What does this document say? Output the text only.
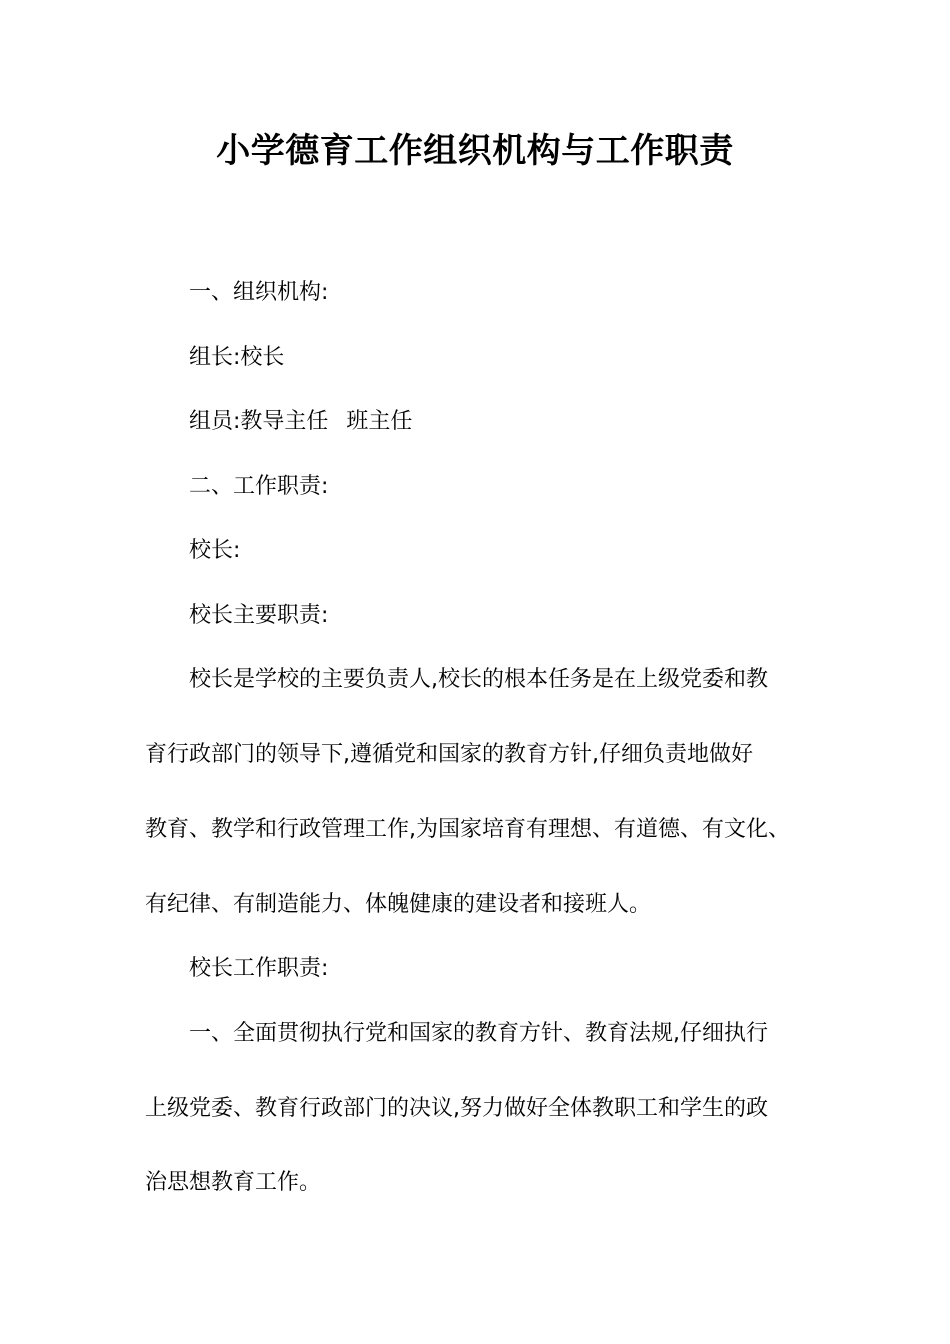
小学德育工作组织机构与工作职责

一、组织机构:

组长:校长

组员:教导主任 班主任

二、工作职责:

校长:

校长主要职责:

校长是学校的主要负责人,校长的根本任务是在上级党委和教

育行政部门的领导下,遵循党和国家的教育方针,仔细负责地做好

教育、教学和行政管理工作,为国家培育有理想、有道德、有文化、

有纪律、有制造能力、体魄健康的建设者和接班人。

校长工作职责:

一、全面贯彻执行党和国家的教育方针、教育法规,仔细执行

上级党委、教育行政部门的决议,努力做好全体教职工和学生的政

治思想教育工作。
